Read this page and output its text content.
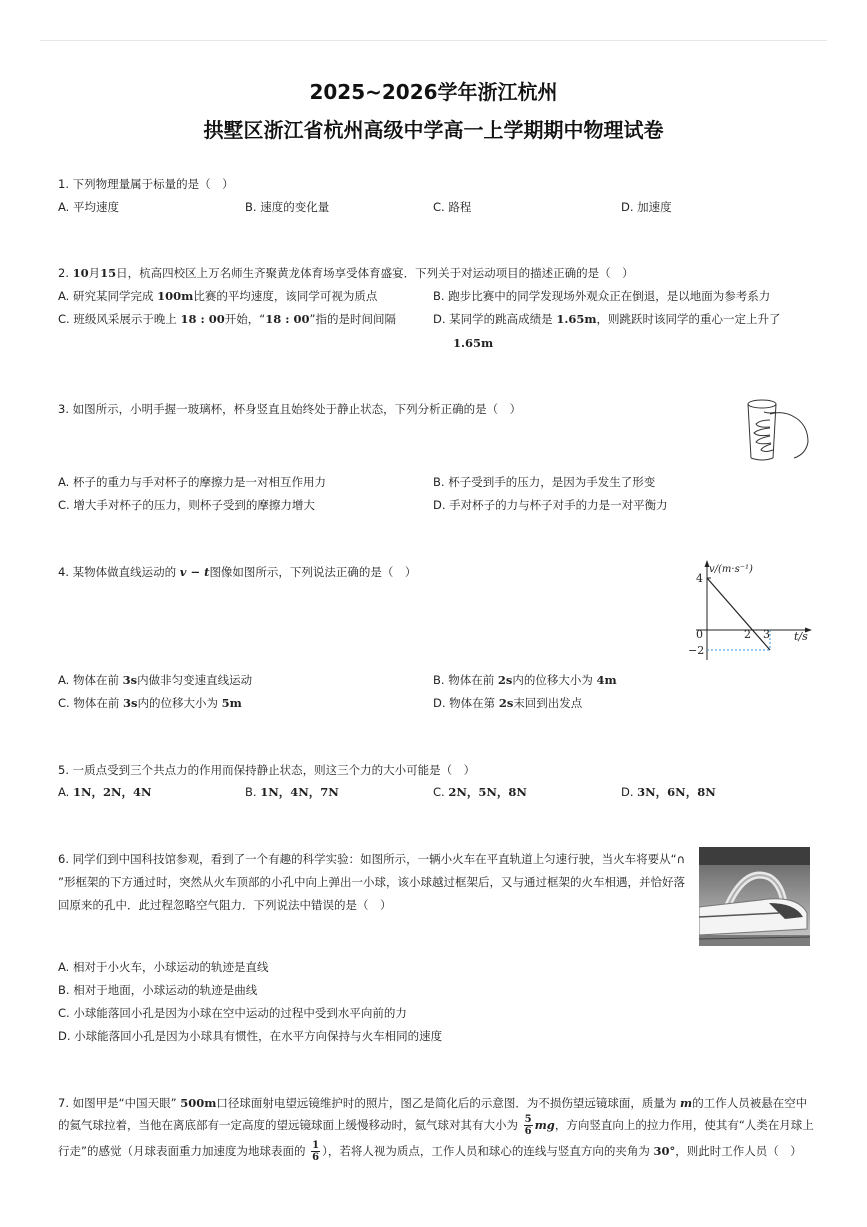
2025~2026学年浙江杭州
拱墅区浙江省杭州高级中学高一上学期期中物理试卷
1. 下列物理量属于标量的是（　）
A. 平均速度	B. 速度的变化量	C. 路程	D. 加速度
2. 10月15日，杭高四校区上万名师生齐聚黄龙体育场享受体育盛宴．下列关于对运动项目的描述正确的是（　）
A. 研究某同学完成 100m比赛的平均速度，该同学可视为质点	B. 跑步比赛中的同学发现场外观众正在倒退，是以地面为参考系力
C. 班级风采展示于晚上 18 : 00开始，“18 : 00”指的是时间间隔	D. 某同学的跳高成绩是 1.65m，则跳跃时该同学的重心一定上升了
1.65m
3. 如图所示，小明手握一玻璃杯，杯身竖直且始终处于静止状态，下列分析正确的是（　）
A. 杯子的重力与手对杯子的摩擦力是一对相互作用力	B. 杯子受到手的压力，是因为手发生了形变
C. 增大手对杯子的压力，则杯子受到的摩擦力增大	D. 手对杯子的力与杯子对手的力是一对平衡力
4. 某物体做直线运动的 v − t图像如图所示，下列说法正确的是（　）	v/(m·s⁻¹)
4
0	2 3 t/s
−2
A. 物体在前 3s内做非匀变速直线运动	B. 物体在前 2s内的位移大小为 4m
C. 物体在前 3s内的位移大小为 5m	D. 物体在第 2s末回到出发点
5. 一质点受到三个共点力的作用而保持静止状态，则这三个力的大小可能是（　）
A. 1N，2N，4N	B. 1N，4N，7N	C. 2N，5N，8N	D. 3N，6N，8N
6. 同学们到中国科技馆参观，看到了一个有趣的科学实验：如图所示，一辆小火车在平直轨道上匀速行驶，当火车将要从“∩
”形框架的下方通过时，突然从火车顶部的小孔中向上弹出一小球，该小球越过框架后，又与通过框架的火车相遇，并恰好落
回原来的孔中．此过程忽略空气阻力．下列说法中错误的是（　）
A. 相对于小火车，小球运动的轨迹是直线
B. 相对于地面，小球运动的轨迹是曲线
C. 小球能落回小孔是因为小球在空中运动的过程中受到水平向前的力
D. 小球能落回小孔是因为小球具有惯性，在水平方向保持与火车相同的速度
7. 如图甲是“中国天眼” 500m口径球面射电望远镜维护时的照片，图乙是简化后的示意图．为不损伤望远镜球面，质量为 m的工作人员被悬在空中
的氦气球拉着，当他在离底部有一定高度的望远镜球面上缓慢移动时，氦气球对其有大小为 $\frac{5}{6}$ mg，方向竖直向上的拉力作用，使其有“人类在月球上
行走”的感觉（月球表面重力加速度为地球表面的 $\frac{1}{6}$ ），若将人视为质点，工作人员和球心的连线与竖直方向的夹角为 30°，则此时工作人员（　）
